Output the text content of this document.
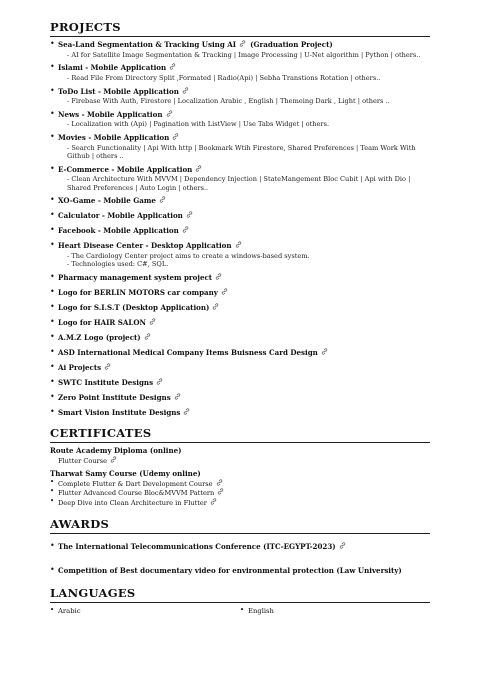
PROJECTS
• Sea-Land Segmentation & Tracking Using AI (Graduation Project)
- AI for Satellite Image Segmentation & Tracking | Image Processing | U-Net algorithm | Python | others..
• Islami - Mobile Application
- Read File From Directory Split ,Formated | Radio(Api) | Sebha Transtions Rotation | others..
• ToDo List - Mobile Application
- Firebase With Auth, Firestore | Localization Arabic , English | Themeing Dark , Light | others ..
• News - Mobile Application
- Localization with (Api) | Pagination with ListView | Use Tabs Widget | others.
• Movies - Mobile Application
- Search Functionality | Api With http | Bookmark Wtih Firestore, Shared Preferences | Team Work With
Github | others ..
• E-Commerce - Mobile Application
- Clean Architecture With MVVM | Dependency Injection | StateMangement Bloc Cubit | Api with Dio |
Shared Preferences | Auto Login | others..
• XO-Game - Mobile Game
• Calculator - Mobile Application
• Facebook - Mobile Application
• Heart Disease Center - Desktop Application
- The Cardiology Center project aims to create a windows-based system.
- Technologies used: C#, SQL.
• Pharmacy management system project
• Logo for BERLIN MOTORS car company
• Logo for S.I.S.T (Desktop Application)
• Logo for HAIR SALON
• A.M.Z Logo (project)
• ASD International Medical Company Items Buisness Card Design
• Ai Projects
• SWTC Institute Designs
• Zero Point Institute Designs
• Smart Vision Institute Designs
CERTIFICATES
Route Academy Diploma (online)
Flutter Course
Tharwat Samy Course (Udemy online)
• Complete Flutter & Dart Development Course
• Flutter Advanced Course Bloc&MVVM Pattern
• Deep Dive into Clean Architecture in Flutter
AWARDS
• The International Telecommunications Conference (ITC-EGYPT-2023)
• Competition of Best documentary video for environmental protection (Law University)
LANGUAGES
• Arabic
•	English
